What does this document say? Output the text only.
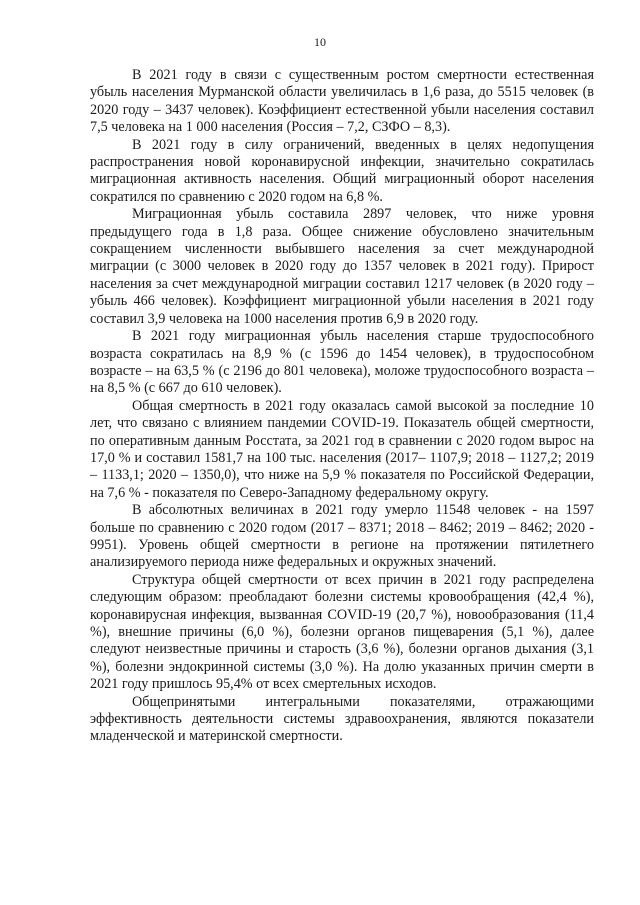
10

В 2021 году в связи с существенным ростом смертности естественная убыль населения Мурманской области увеличилась в 1,6 раза, до 5515 человек (в 2020 году – 3437 человек). Коэффициент естественной убыли населения составил 7,5 человека на 1 000 населения (Россия – 7,2, СЗФО – 8,3).

В 2021 году в силу ограничений, введенных в целях недопущения распространения новой коронавирусной инфекции, значительно сократилась миграционная активность населения. Общий миграционный оборот населения сократился по сравнению с 2020 годом на 6,8 %.

Миграционная убыль составила 2897 человек, что ниже уровня предыдущего года в 1,8 раза. Общее снижение обусловлено значительным сокращением численности выбывшего населения за счет международной миграции (с 3000 человек в 2020 году до 1357 человек в 2021 году). Прирост населения за счет международной миграции составил 1217 человек (в 2020 году – убыль 466 человек). Коэффициент миграционной убыли населения в 2021 году составил 3,9 человека на 1000 населения против 6,9 в 2020 году.

В 2021 году миграционная убыль населения старше трудоспособного возраста сократилась на 8,9 % (с 1596 до 1454 человек), в трудоспособном возрасте – на 63,5 % (с 2196 до 801 человека), моложе трудоспособного возраста – на 8,5 % (с 667 до 610 человек).

Общая смертность в 2021 году оказалась самой высокой за последние 10 лет, что связано с влиянием пандемии COVID-19. Показатель общей смертности, по оперативным данным Росстата, за 2021 год в сравнении с 2020 годом вырос на 17,0 % и составил 1581,7 на 100 тыс. населения (2017– 1107,9; 2018 – 1127,2; 2019 – 1133,1; 2020 – 1350,0), что ниже на 5,9 % показателя по Российской Федерации, на 7,6 % - показателя по Северо-Западному федеральному округу.

В абсолютных величинах в 2021 году умерло 11548 человек - на 1597 больше по сравнению с 2020 годом (2017 – 8371; 2018 – 8462; 2019 – 8462; 2020 - 9951). Уровень общей смертности в регионе на протяжении пятилетнего анализируемого периода ниже федеральных и окружных значений.

Структура общей смертности от всех причин в 2021 году распределена следующим образом: преобладают болезни системы кровообращения (42,4 %), коронавирусная инфекция, вызванная COVID-19 (20,7 %), новообразования (11,4 %), внешние причины (6,0 %), болезни органов пищеварения (5,1 %), далее следуют неизвестные причины и старость (3,6 %), болезни органов дыхания (3,1 %), болезни эндокринной системы (3,0 %). На долю указанных причин смерти в 2021 году пришлось 95,4% от всех смертельных исходов.

Общепринятыми интегральными показателями, отражающими эффективность деятельности системы здравоохранения, являются показатели младенческой и материнской смертности.
